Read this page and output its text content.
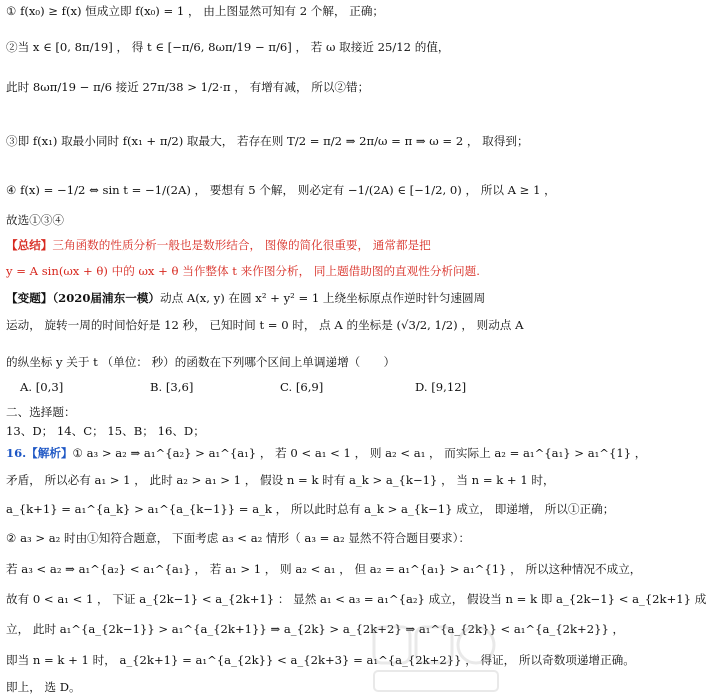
① f(x₀) ≥ f(x) 恒成立即 f(x₀) = 1 ， 由上图显然可知有 2 个解， 正确；
②当 x ∈ [0, 8π/19] ， 得 t ∈ [−π/6, 8ωπ/19 − π/6] ， 若 ω 取接近 25/12 的值，
此时 8ωπ/19 − π/6 接近 27π/38 > 1/2·π ， 有增有减， 所以②错；
③即 f(x₁) 取最小同时 f(x₁ + π/2) 取最大， 若存在则 T/2 = π/2 ⇒ 2π/ω = π ⇒ ω = 2 ， 取得到；
④ f(x) = −1/2 ⇔ sin t = −1/(2A) ， 要想有 5 个解， 则必定有 −1/(2A) ∈ [−1/2, 0) ， 所以 A ≥ 1 ，
故选①③④
【总结】三角函数的性质分析一般也是数形结合， 图像的简化很重要， 通常都是把
y = A sin(ωx + θ) 中的 ωx + θ 当作整体 t 来作图分析， 同上题借助图的直观性分析问题.
【变题】（2020届浦东一模）动点 A(x, y) 在圆 x² + y² = 1 上绕坐标原点作逆时针匀速圆周
运动， 旋转一周的时间恰好是 12 秒， 已知时间 t = 0 时， 点 A 的坐标是 (√3/2, 1/2) ， 则动点 A
的纵坐标 y 关于 t （单位： 秒）的函数在下列哪个区间上单调递增（　　）
A. [0,3]	B. [3,6]	C. [6,9]	D. [9,12]
二、选择题：
13、D； 14、C； 15、B； 16、D；
16.【解析】① a₃ > a₂ ⇒ a₁^{a₂} > a₁^{a₁} ， 若 0 < a₁ < 1 ， 则 a₂ < a₁ ， 而实际上 a₂ = a₁^{a₁} > a₁^{1} ，
矛盾， 所以必有 a₁ > 1 ， 此时 a₂ > a₁ > 1 ， 假设 n = k 时有 a_k > a_{k−1} ， 当 n = k + 1 时，
a_{k+1} = a₁^{a_k} > a₁^{a_{k−1}} = a_k ， 所以此时总有 a_k > a_{k−1} 成立， 即递增， 所以①正确；
② a₃ > a₂ 时由①知符合题意， 下面考虑 a₃ < a₂ 情形（ a₃ = a₂ 显然不符合题目要求）：
若 a₃ < a₂ ⇒ a₁^{a₂} < a₁^{a₁} ， 若 a₁ > 1 ， 则 a₂ < a₁ ， 但 a₂ = a₁^{a₁} > a₁^{1} ， 所以这种情况不成立，
故有 0 < a₁ < 1 ， 下证 a_{2k−1} < a_{2k+1} ： 显然 a₁ < a₃ = a₁^{a₂} 成立， 假设当 n = k 即 a_{2k−1} < a_{2k+1} 成
立， 此时 a₁^{a_{2k−1}} > a₁^{a_{2k+1}} ⇒ a_{2k} > a_{2k+2} ⇒ a₁^{a_{2k}} < a₁^{a_{2k+2}} ，
即当 n = k + 1 时， a_{2k+1} = a₁^{a_{2k}} < a_{2k+3} = a₁^{a_{2k+2}} ， 得证， 所以奇数项递增正确。
即上， 选 D。
